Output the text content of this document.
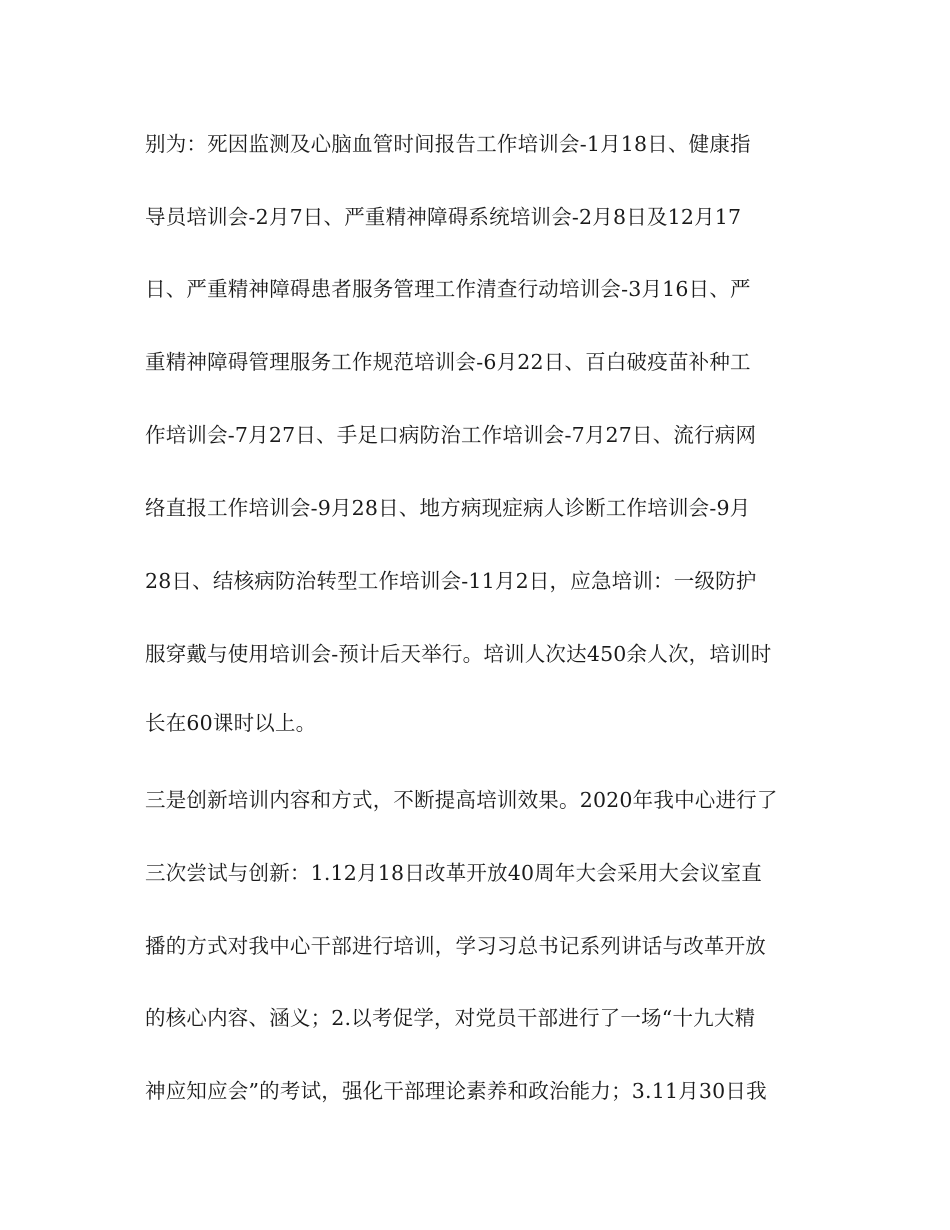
别为：死因监测及心脑血管时间报告工作培训会-1月18日、健康指
导员培训会-2月7日、严重精神障碍系统培训会-2月8日及12月17
日、严重精神障碍患者服务管理工作清查行动培训会-3月16日、严
重精神障碍管理服务工作规范培训会-6月22日、百白破疫苗补种工
作培训会-7月27日、手足口病防治工作培训会-7月27日、流行病网
络直报工作培训会-9月28日、地方病现症病人诊断工作培训会-9月
28日、结核病防治转型工作培训会-11月2日，应急培训：一级防护
服穿戴与使用培训会-预计后天举行。培训人次达450余人次，培训时
长在60课时以上。
三是创新培训内容和方式，不断提高培训效果。2020年我中心进行了
三次尝试与创新：1.12月18日改革开放40周年大会采用大会议室直
播的方式对我中心干部进行培训，学习习总书记系列讲话与改革开放
的核心内容、涵义；2.以考促学，对党员干部进行了一场“十九大精
神应知应会”的考试，强化干部理论素养和政治能力；3.11月30日我
